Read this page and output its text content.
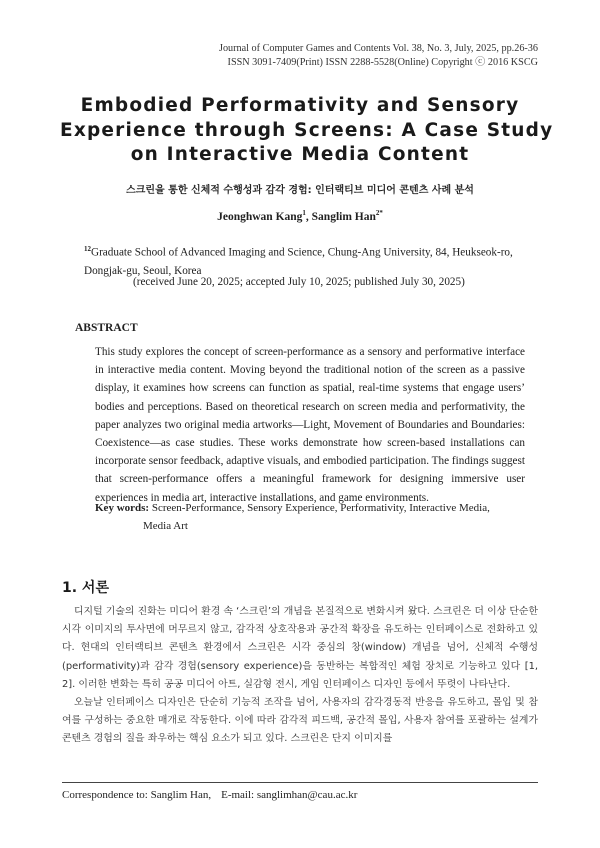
Journal of Computer Games and Contents Vol. 38, No. 3, July, 2025, pp.26-36
ISSN 3091-7409(Print) ISSN 2288-5528(Online) Copyright ⓒ 2016 KSCG
Embodied Performativity and Sensory
Experience through Screens: A Case Study
on Interactive Media Content
스크린을 통한 신체적 수행성과 감각 경험: 인터랙티브 미디어 콘텐츠 사례 분석
Jeonghwan Kang$^1$, Sanglim Han$^{2*}$
$^{12}$Graduate School of Advanced Imaging and Science, Chung-Ang University, 84, Heukseok-ro, Dongjak-gu, Seoul, Korea
(received June 20, 2025; accepted July 10, 2025; published July 30, 2025)
ABSTRACT
This study explores the concept of screen-performance as a sensory and performative interface in interactive media content. Moving beyond the traditional notion of the screen as a passive display, it examines how screens can function as spatial, real-time systems that engage users’ bodies and perceptions. Based on theoretical research on screen media and performativity, the paper analyzes two original media artworks—Light, Movement of Boundaries and Boundaries: Coexistence—as case studies. These works demonstrate how screen-based installations can incorporate sensor feedback, adaptive visuals, and embodied participation. The findings suggest that screen-performance offers a meaningful framework for designing immersive user experiences in media art, interactive installations, and game environments.
Key words: Screen-Performance, Sensory Experience, Performativity, Interactive Media,
Media Art
1. 서론

디지털 기술의 진화는 미디어 환경 속 ‘스크린’의 개념을 본질적으로 변화시켜 왔다. 스크린은 더 이상 단순한 시각 이미지의 투사면에 머무르지 않고, 감각적 상호작용과 공간적 확장을 유도하는 인터페이스로 전화하고 있다. 현대의 인터랙티브 콘텐츠 환경에서 스크린은 시각 중심의 창(window) 개념을 넘어, 신체적 수행성(performativity)과 감각 경험(sensory experience)을 동반하는 복합적인 체험 장치로 기능하고 있다 [1, 2]. 이러한 변화는 특히 공공 미디어 아트, 실감형 전시, 게임 인터페이스 디자인 등에서 뚜렷이 나타난다.

오늘날 인터페이스 디자인은 단순히 기능적 조작을 넘어, 사용자의 감각경동적 반응을 유도하고, 몰입 및 참여를 구성하는 중요한 매개로 작동한다. 이에 따라 감각적 피드백, 공간적 몰입, 사용자 참여를 포괄하는 설계가 콘텐츠 경험의 질을 좌우하는 핵심 요소가 되고 있다. 스크린은 단지 이미지를

Correspondence to: Sanglim Han, E-mail: sanglimhan@cau.ac.kr
